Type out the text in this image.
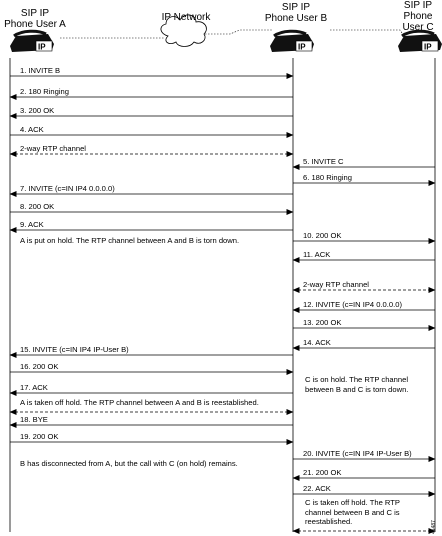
IP	IP	IP
1. INVITE B
2. 180 Ringing
3. 200 OK
4. ACK
2-way RTP channel
5. INVITE C
6. 180 Ringing
7. INVITE (c=IN IP4 0.0.0.0)
8. 200 OK
9. ACK
10. 200 OK
11. ACK
2-way RTP channel
12. INVITE (c=IN IP4 0.0.0.0)
13. 200 OK
14. ACK
15. INVITE (c=IN IP4 IP-User B)
16. 200 OK
17. ACK
18. BYE
19. 200 OK
20. INVITE (c=IN IP4 IP-User B)
21. 200 OK
22. ACK
SIP IP
Phone User A
IP Network
SIP IP
Phone User B
SIP IP
Phone
User C
A is put on hold. The RTP channel between A and B is torn down.
C is on hold. The RTP channel
between B and C is torn down.
A is taken off hold. The RTP channel between A and B is reestablished.
B has disconnected from A, but the call with C (on hold) remains.
C is taken off hold. The RTP
channel between B and C is
reestablished.	41487
